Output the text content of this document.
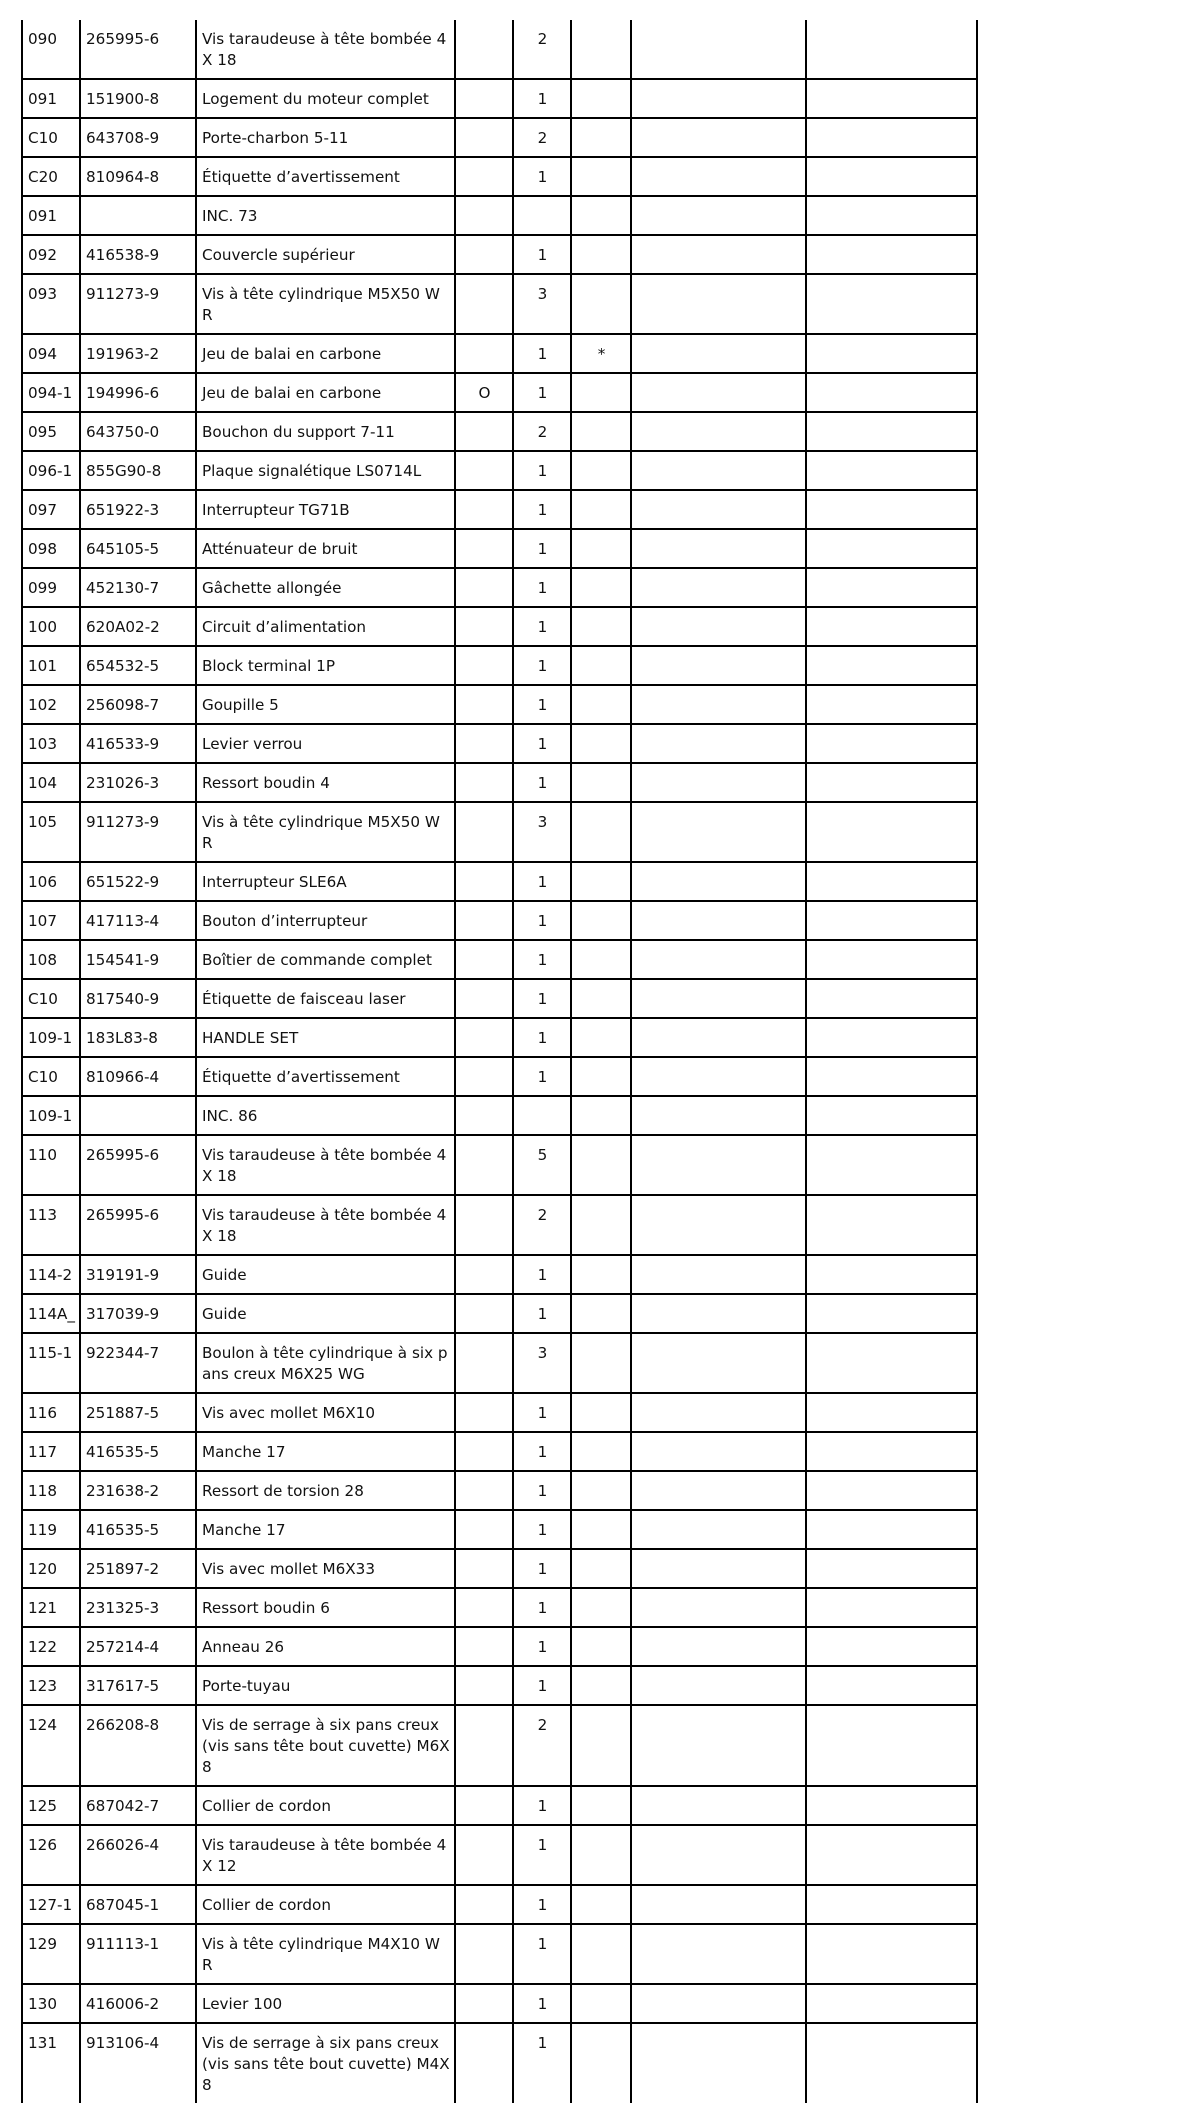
090	265995-6	Vis taraudeuse à tête bombée 4X 18		2			
091	151900-8	Logement du moteur complet		1			
C10	643708-9	Porte-charbon 5-11		2			
C20	810964-8	Étiquette d’avertissement		1			
091		INC. 73					
092	416538-9	Couvercle supérieur		1			
093	911273-9	Vis à tête cylindrique M5X50 WR		3			
094	191963-2	Jeu de balai en carbone		1	*		
094-1	194996-6	Jeu de balai en carbone	O	1			
095	643750-0	Bouchon du support 7-11		2			
096-1	855G90-8	Plaque signalétique LS0714L		1			
097	651922-3	Interrupteur TG71B		1			
098	645105-5	Atténuateur de bruit		1			
099	452130-7	Gâchette allongée		1			
100	620A02-2	Circuit d’alimentation		1			
101	654532-5	Block terminal 1P		1			
102	256098-7	Goupille 5		1			
103	416533-9	Levier verrou		1			
104	231026-3	Ressort boudin 4		1			
105	911273-9	Vis à tête cylindrique M5X50 WR		3			
106	651522-9	Interrupteur SLE6A		1			
107	417113-4	Bouton d’interrupteur		1			
108	154541-9	Boîtier de commande complet		1			
C10	817540-9	Étiquette de faisceau laser		1			
109-1	183L83-8	HANDLE SET		1			
C10	810966-4	Étiquette d’avertissement		1			
109-1		INC. 86					
110	265995-6	Vis taraudeuse à tête bombée 4X 18		5			
113	265995-6	Vis taraudeuse à tête bombée 4X 18		2			
114-2	319191-9	Guide		1			
114A_	317039-9	Guide		1			
115-1	922344-7	Boulon à tête cylindrique à six pans creux M6X25 WG		3			
116	251887-5	Vis avec mollet M6X10		1			
117	416535-5	Manche 17		1			
118	231638-2	Ressort de torsion 28		1			
119	416535-5	Manche 17		1			
120	251897-2	Vis avec mollet M6X33		1			
121	231325-3	Ressort boudin 6		1			
122	257214-4	Anneau 26		1			
123	317617-5	Porte-tuyau		1			
124	266208-8	Vis de serrage à six pans creux (vis sans tête bout cuvette) M6X8		2			
125	687042-7	Collier de cordon		1			
126	266026-4	Vis taraudeuse à tête bombée 4X 12		1			
127-1	687045-1	Collier de cordon		1			
129	911113-1	Vis à tête cylindrique M4X10 WR		1			
130	416006-2	Levier 100		1			
131	913106-4	Vis de serrage à six pans creux (vis sans tête bout cuvette) M4X8		1			
